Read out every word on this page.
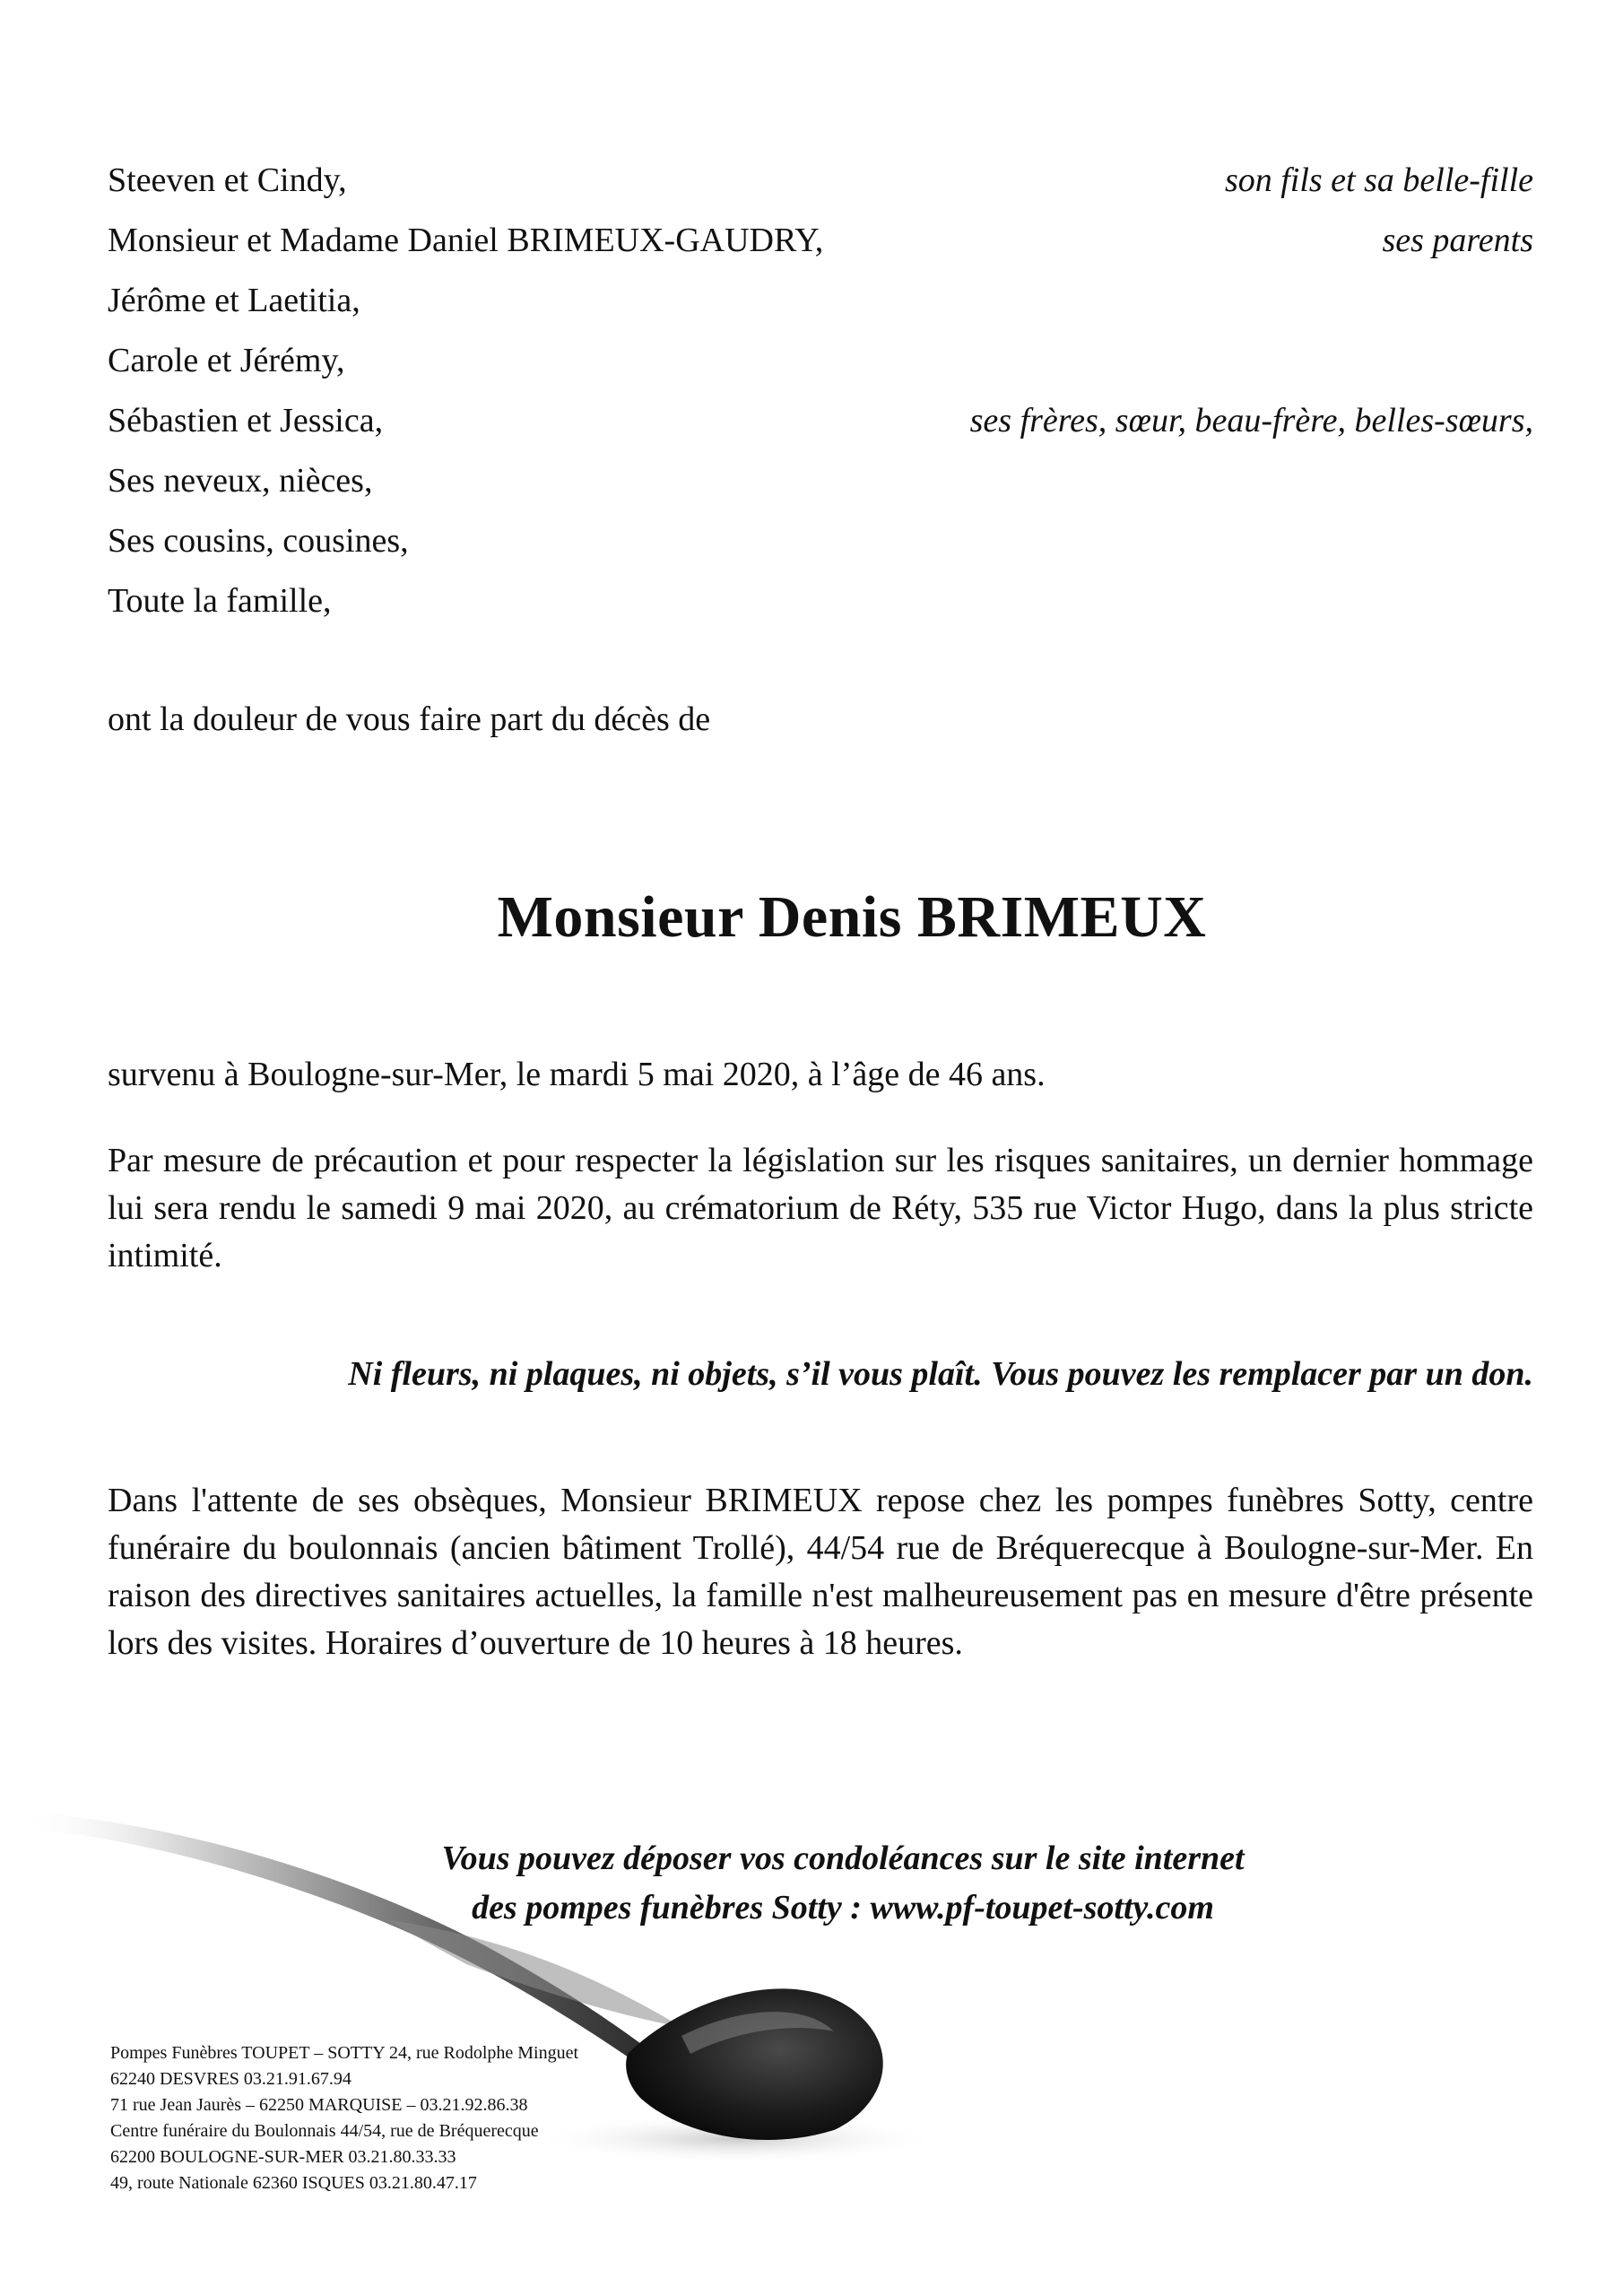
Steeven et Cindy,	son fils et sa belle-fille
Monsieur et Madame Daniel BRIMEUX-GAUDRY,	ses parents
Jérôme et Laetitia,
Carole et Jérémy,
Sébastien et Jessica,	ses frères, sœur, beau-frère, belles-sœurs,
Ses neveux, nièces,
Ses cousins, cousines,
Toute la famille,
ont la douleur de vous faire part du décès de
Monsieur Denis BRIMEUX
survenu à Boulogne-sur-Mer, le mardi 5 mai 2020, à l’âge de 46 ans.
Par mesure de précaution et pour respecter la législation sur les risques sanitaires, un dernier hommage lui sera rendu le samedi 9 mai 2020, au crématorium de Réty, 535 rue Victor Hugo, dans la plus stricte intimité.
Ni fleurs, ni plaques, ni objets, s’il vous plaît. Vous pouvez les remplacer par un don.
Dans l'attente de ses obsèques, Monsieur BRIMEUX repose chez les pompes funèbres Sotty, centre funéraire du boulonnais (ancien bâtiment Trollé), 44/54 rue de Bréquerecque à Boulogne-sur-Mer. En raison des directives sanitaires actuelles, la famille n'est malheureusement pas en mesure d'être présente lors des visites. Horaires d’ouverture de 10 heures à 18 heures.
Vous pouvez déposer vos condoléances sur le site internet
des pompes funèbres Sotty : www.pf-toupet-sotty.com
Pompes Funèbres TOUPET – SOTTY 24, rue Rodolphe Minguet
62240 DESVRES 03.21.91.67.94
71 rue Jean Jaurès – 62250 MARQUISE – 03.21.92.86.38
Centre funéraire du Boulonnais 44/54, rue de Bréquerecque
62200 BOULOGNE-SUR-MER 03.21.80.33.33
49, route Nationale 62360 ISQUES 03.21.80.47.17
